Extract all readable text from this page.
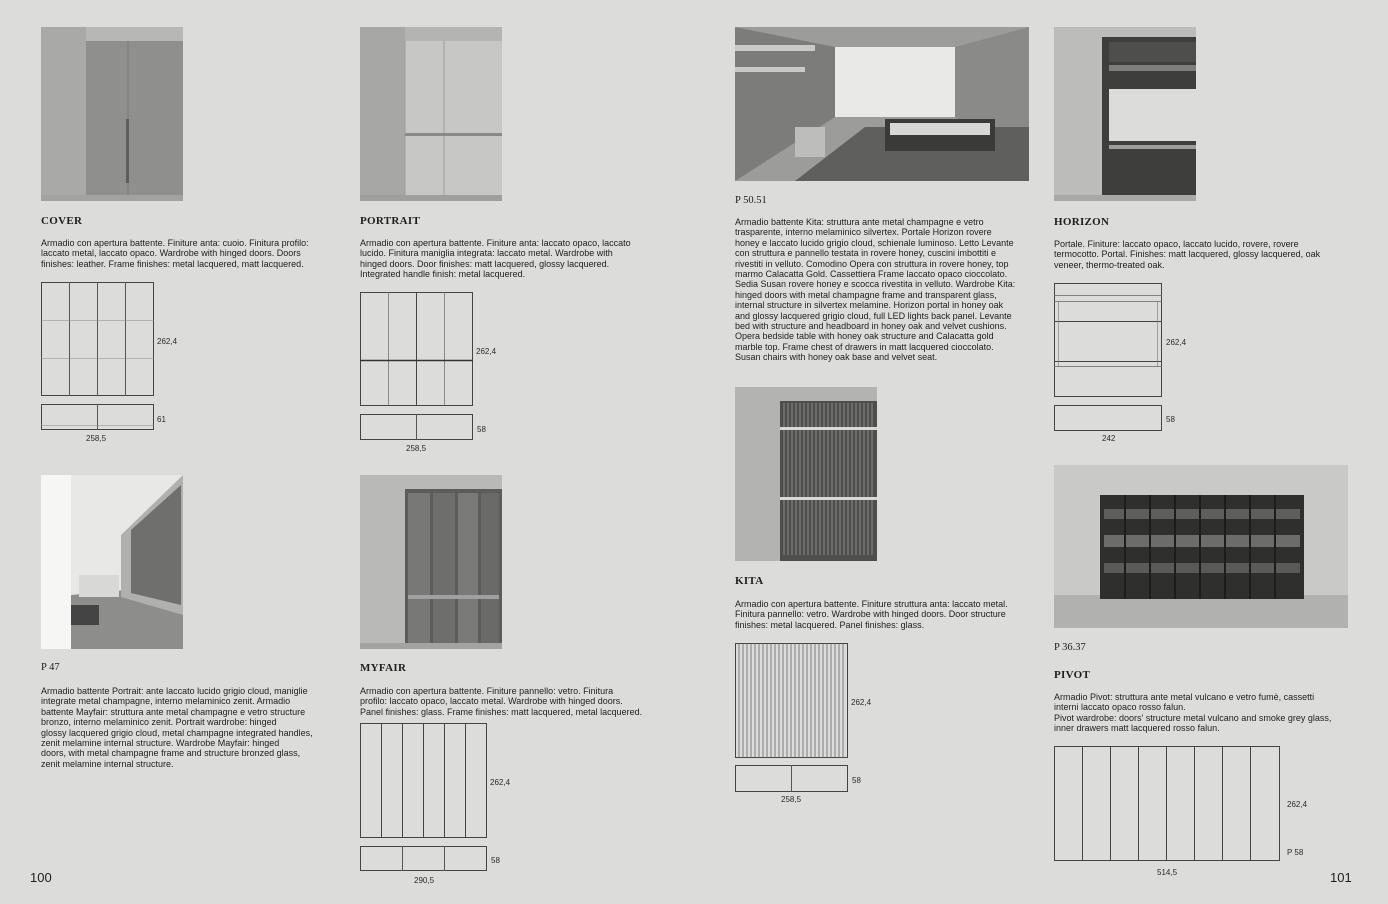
COVER
Armadio con apertura battente. Finiture anta: cuoio. Finitura profilo:
laccato metal, laccato opaco. Wardrobe with hinged doors. Doors
finishes: leather. Frame finishes: metal lacquered, matt lacquered.
262,4
61
258,5
PORTRAIT
Armadio con apertura battente. Finiture anta: laccato opaco, laccato
lucido. Finitura maniglia integrata: laccato metal. Wardrobe with
hinged doors. Door finishes: matt lacquered, glossy lacquered.
Integrated handle finish: metal lacquered.
262,4
58
258,5
P 47
Armadio battente Portrait: ante laccato lucido grigio cloud, maniglie
integrate metal champagne, interno melaminico zenit. Armadio
battente Mayfair: struttura ante metal champagne e vetro structure
bronzo, interno melaminico zenit. Portrait wardrobe: hinged
glossy lacquered grigio cloud, metal champagne integrated handles,
zenit melamine internal structure. Wardrobe Mayfair: hinged
doors, with metal champagne frame and structure bronzed glass,
zenit melamine internal structure.
MYFAIR
Armadio con apertura battente. Finiture pannello: vetro. Finitura
profilo: laccato opaco, laccato metal. Wardrobe with hinged doors.
Panel finishes: glass. Frame finishes: matt lacquered, metal lacquered.
262,4
58
290,5
100
P 50.51
Armadio battente Kita: struttura ante metal champagne e vetro
trasparente, interno melaminico silvertex. Portale Horizon rovere
honey e laccato lucido grigio cloud, schienale luminoso. Letto Levante
con struttura e pannello testata in rovere honey, cuscini imbottiti e
rivestiti in velluto. Comodino Opera con struttura in rovere honey, top
marmo Calacatta Gold. Cassettiera Frame laccato opaco cioccolato.
Sedia Susan rovere honey e scocca rivestita in velluto. Wardrobe Kita:
hinged doors with metal champagne frame and transparent glass,
internal structure in silvertex melamine. Horizon portal in honey oak
and glossy lacquered grigio cloud, full LED lights back panel. Levante
bed with structure and headboard in honey oak and velvet cushions.
Opera bedside table with honey oak structure and Calacatta gold
marble top. Frame chest of drawers in matt lacquered cioccolato.
Susan chairs with honey oak base and velvet seat.
KITA
Armadio con apertura battente. Finiture struttura anta: laccato metal.
Finitura pannello: vetro. Wardrobe with hinged doors. Door structure
finishes: metal lacquered. Panel finishes: glass.
262,4
58
258,5
HORIZON
Portale. Finiture: laccato opaco, laccato lucido, rovere, rovere
termocotto. Portal. Finishes: matt lacquered, glossy lacquered, oak
veneer, thermo-treated oak.
262,4
58
242
P 36.37
PIVOT
Armadio Pivot: struttura ante metal vulcano e vetro fumè, cassetti
interni laccato opaco rosso falun.
Pivot wardrobe: doors' structure metal vulcano and smoke grey glass,
inner drawers matt lacquered rosso falun.
262,4
P 58
514,5	101
